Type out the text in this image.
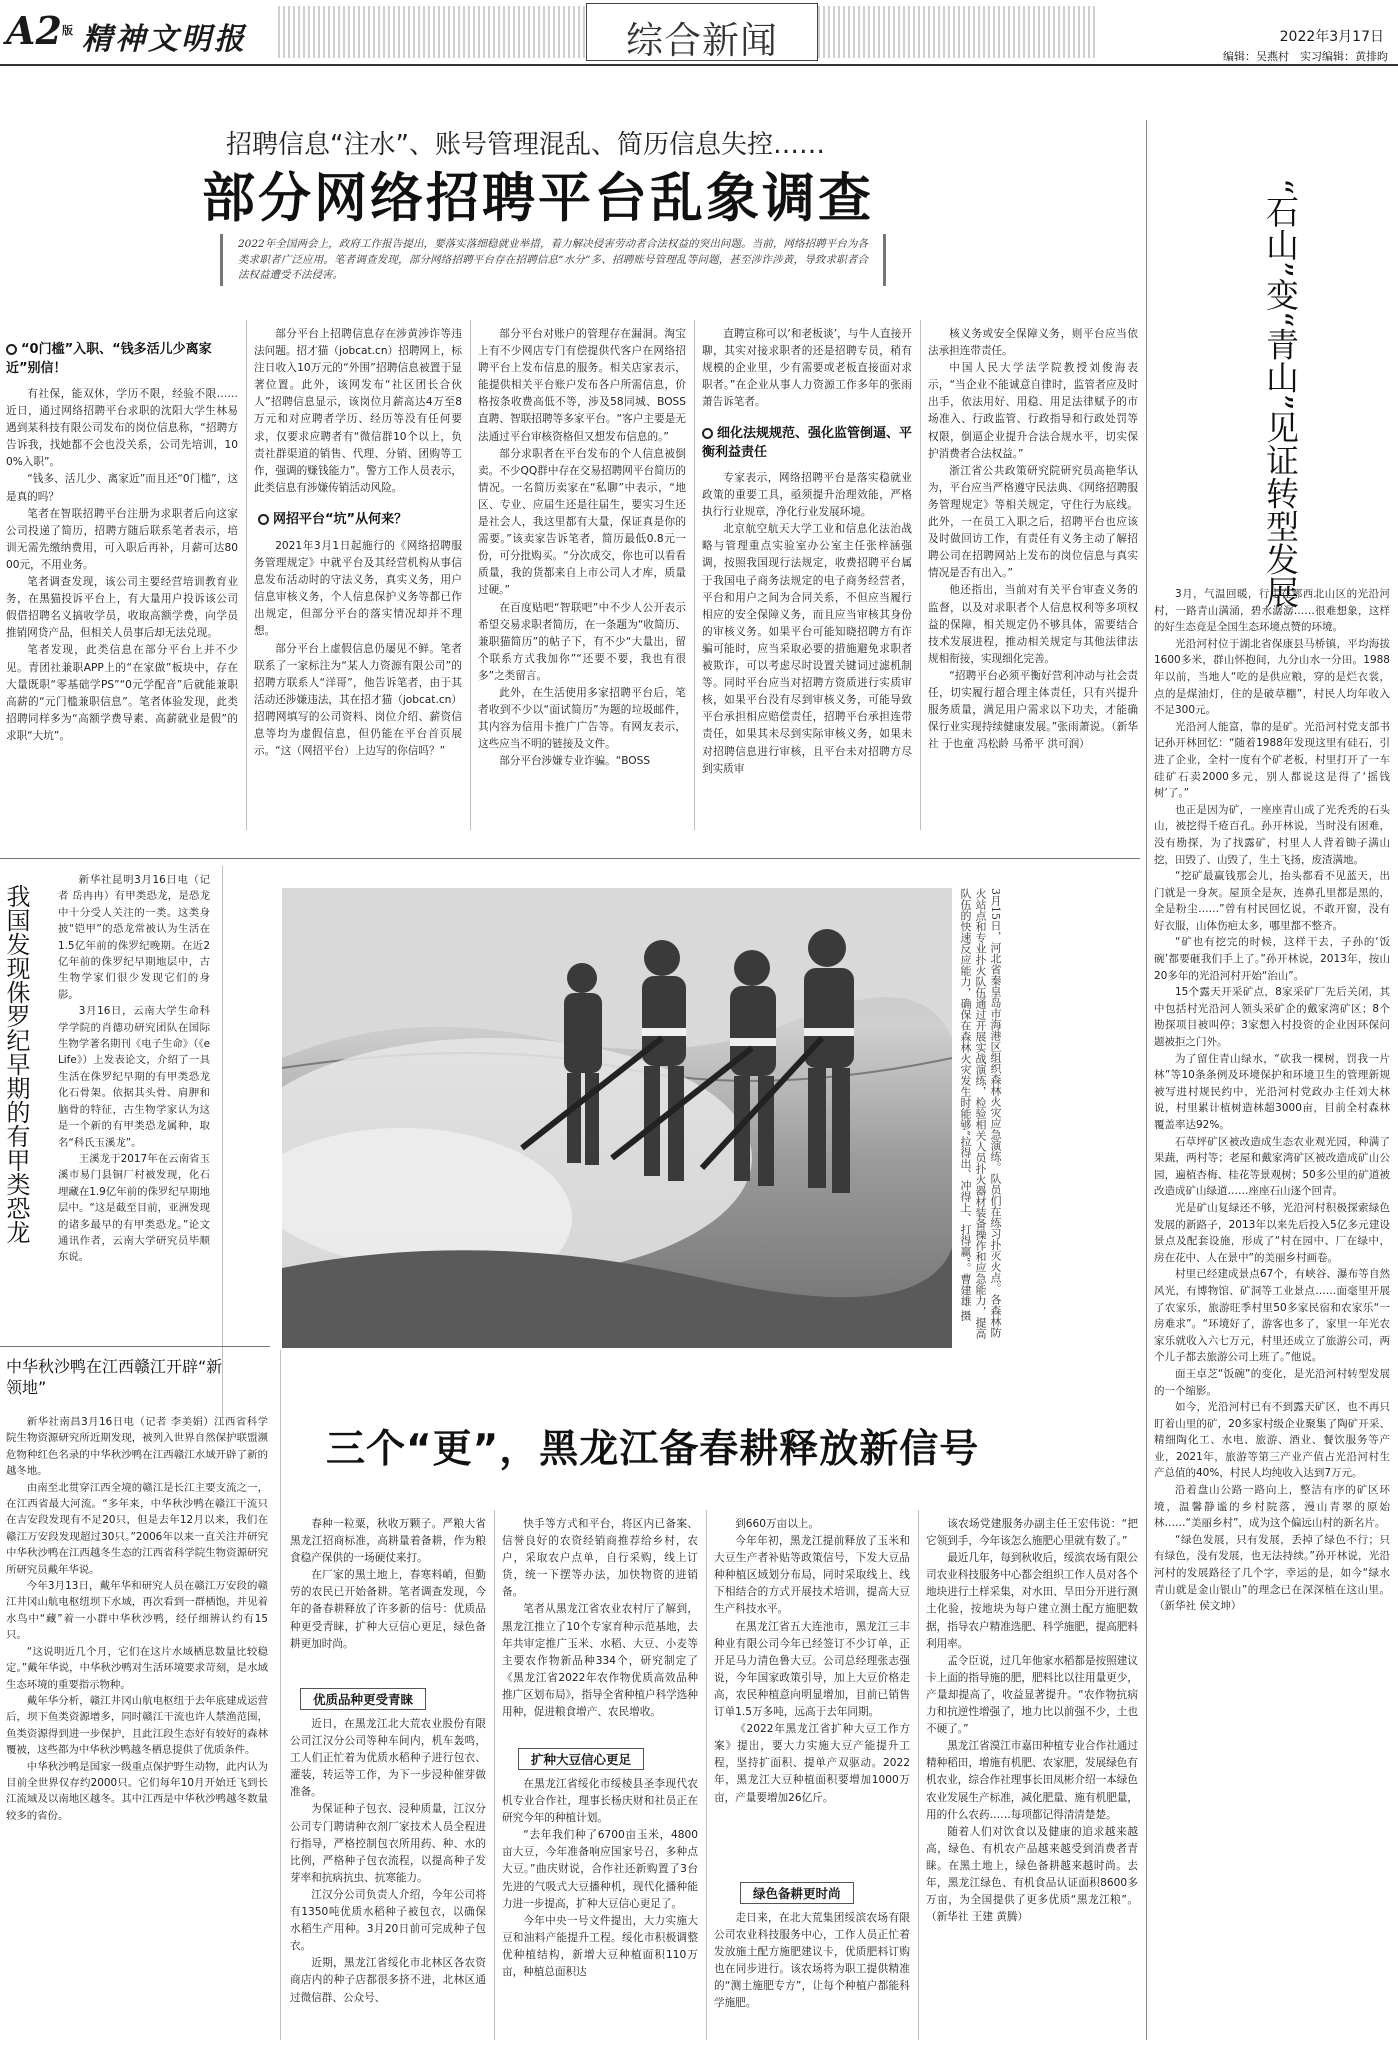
A2版 精神文明报	综合新闻	2022年3月17日
编辑：吴燕村　实习编辑：黄排昀
招聘信息“注水”、账号管理混乱、简历信息失控……
部分网络招聘平台乱象调查
2022年全国两会上，政府工作报告提出，要落实落细稳就业举措，着力解决侵害劳动者合法权益的突出问题。当前，网络招聘平台为各类求职者广泛应用。笔者调查发现，部分网络招聘平台存在招聘信息“水分”多、招聘账号管理乱等问题，甚至涉诈涉黄，导致求职者合法权益遭受不法侵害。
“0门槛”入职、“钱多活儿少离家近”别信！

有社保，能双休，学历不限，经验不限……近日，通过网络招聘平台求职的沈阳大学生林易遇到某科技有限公司发布的岗位信息称，“招聘方告诉我，找她都不会也没关系，公司先培训，100%入职”。

“钱多、活儿少、离家近”而且还“0门槛”，这是真的吗？

笔者在智联招聘平台注册为求职者后向这家公司投递了简历，招聘方随后联系笔者表示，培训无需先缴纳费用，可入职后再补，月薪可达8000元，不用业务。

笔者调查发现，该公司主要经营培训教育业务，在黑猫投诉平台上，有大量用户投诉该公司假借招聘名义搞收学员，收取高额学费，向学员推销网贷产品，但相关人员事后却无法兑现。

笔者发现，此类信息在部分平台上并不少见。青团社兼职APP上的“在家做”板块中，存在大量既职“零基础学PS”“0元学配音”后就能兼职高薪的“元门槛兼职信息”。笔者体验发现，此类招聘同样多为“高额学费导素、高薪就业是假”的求职“大坑”。

部分平台上招聘信息存在涉黄涉诈等违法问题。招才猫（jobcat.cn）招聘网上，标注日收入10万元的“外围”招聘信息被置于显著位置。此外，该网发布“社区团长合伙人”招聘信息显示，该岗位月薪高达4万至8万元和对应聘者学历、经历等没有任何要求，仅要求应聘者有“微信群10个以上，负责社群渠道的销售、代理、分销、团购等工作，强调的赚钱能力”。警方工作人员表示，此类信息有涉嫌传销活动风险。

网招平台“坑”从何来？

2021年3月1日起施行的《网络招聘服务管理规定》中就平台及其经营机构从事信息发布活动时的守法义务，真实义务，用户信息审核义务，个人信息保护义务等都已作出规定，但部分平台的落实情况却并不理想。

部分平台上虚假信息仍屡见不鲜。笔者联系了一家标注为“某人力资源有限公司”的招聘方联系人“洋哥”，他告诉笔者，由于其活动还涉嫌违法，其在招才猫（jobcat.cn）招聘网填写的公司资料、岗位介绍、薪资信息等均为虚假信息，但仍能在平台首页展示。“这（网招平台）上边写的你信吗？”

部分平台对账户的管理存在漏洞。淘宝上有不少网店专门有偿提供代客户在网络招聘平台上发布信息的服务。相关店家表示，能提供相关平台账户发布各户所需信息，价格按条收费高低不等，涉及58同城、BOSS直聘、智联招聘等多家平台。“客户主要是无法通过平台审核资格但又想发布信息的。”

部分求职者在平台发布的个人信息被倒卖。不少QQ群中存在交易招聘网平台简历的情况。一名简历卖家在“私聊”中表示，“地区、专业、应届生还是往届生，要实习生还是社会人，我这里都有大量，保证真是你的需要。”该卖家告诉笔者，简历最低0.8元一份，可分批购买。“分次成交，你也可以看看质量，我的货都来自上市公司人才库，质量过硬。”

在百度贴吧“智联吧”中不少人公开表示希望交易求职者简历，在一条题为“收简历、兼职猫简历”的帖子下，有不少“大量出，留个联系方式我加你”“还要不要，我也有很多”之类留言。

此外，在生活使用多家招聘平台后，笔者收到不少以“面试简历”为题的垃圾邮件，其内容为信用卡推广广告等。有网友表示，这些应当不明的链接及文件。

部分平台涉嫌专业诈骗。“BOSS

直聘宣称可以‘和老板谈’，与牛人直接开聊，其实对接求职者的还是招聘专员，稍有规模的企业里，少有需要或老板直接面对求职者。”在企业从事人力资源工作多年的张雨萧告诉笔者。

细化法规规范、强化监管倒逼、平衡利益责任

专家表示，网络招聘平台是落实稳就业政策的重要工具，亟须提升治理效能，严格执行行业规章，净化行业发展环境。

北京航空航天大学工业和信息化法治战略与管理重点实验室办公室主任张梓涵强调，按照我国现行法规定，收费招聘平台属于我国电子商务法规定的电子商务经营者，平台和用户之间为合同关系，不但应当履行相应的安全保障义务，而且应当审核其身份的审核义务。如果平台可能知晓招聘方有诈骗可能时，应当采取必要的措施避免求职者被欺诈，可以考虑尽时设置关键词过滤机制等。同时平台应当对招聘方资质进行实质审核，如果平台没有尽到审核义务，可能导致平台承担相应赔偿责任，招聘平台承担连带责任，如果其未尽到实际审核义务，如果未对招聘信息进行审核，且平台未对招聘方尽到实质审

核义务或安全保障义务，则平台应当依法承担连带责任。

中国人民大学法学院教授刘俊海表示，“当企业不能诚意自律时，监管者应及时出手，依法用好、用稳、用足法律赋予的市场准入、行政监管、行政指导和行政处罚等权限，倒逼企业提升合法合规水平，切实保护消费者合法权益。”

浙江省公共政策研究院研究员高艳华认为，平台应当严格遵守民法典、《网络招聘服务管理规定》等相关规定，守住行为底线。此外，一在员工入职之后，招聘平台也应该及时做回访工作，有责任有义务主动了解招聘公司在招聘网站上发布的岗位信息与真实情况是否有出入。”

他还指出，当前对有关平台审查义务的监督，以及对求职者个人信息权利等多项权益的保障，相关规定仍不够具体，需要结合技术发展进程，推动相关规定与其他法律法规相衔接，实现细化完善。

“招聘平台必须平衡好营利冲动与社会责任，切实履行超合理主体责任，只有兴提升服务质量，满足用户需求以下功夫，才能确保行业实现持续健康发展。”张雨萧说。（新华社 于也童 冯松龄 马希平 洪可润）

“石山”变“青山”见证转型发展

3月，气温回暖，行走在鄂西北山区的光沿河村，一路青山满涌，碧水潺潺……很难想象，这样的好生态竟是全国生态环境点赞的环境。

光沿河村位于湖北省保康县马桥镇，平均海拔1600多米，群山怀抱间，九分山水一分田。1988年以前，当地人“吃的是供应粮，穿的是烂衣裳，点的是煤油灯，住的是破草棚”，村民人均年收入不足300元。

光沿河人能富，靠的是矿。光沿河村党支部书记孙开林回忆：“随着1988年发现这里有硅石，引进了企业，全村一度有个矿老板，村里打开了一车硅矿石卖2000多元，别人都说这是得了‘摇钱树’了。”

也正是因为矿，一座座青山成了光秃秃的石头山，被挖得千疮百孔。孙开林说，当时没有困难，没有勘探，为了找露矿，村里人人背着锄子满山挖，田毁了、山毁了，生土飞扬，废渣满地。

“挖矿最赢钱那会儿，抬头都看不见蓝天，出门就是一身灰。屋顶全是灰，连鼻孔里都是黑的，全是粉尘……”曾有村民回忆说，不敢开窗，没有好衣服，山体伤疤太多，哪里都不整齐。

“矿也有挖完的时候，这样干去，子孙的‘饭碗’都要砸我们手上了。”孙开林说，2013年，按山20多年的光沿河村开始“治山”。

15个露天开采矿点，8家采矿厂先后关闭，其中包括村光沿河人领头采矿企的戴家湾矿区；8个勘探项目被叫停；3家想入村投资的企业因环保问题被拒之门外。

为了留住青山绿水，“砍我一棵树，罚我一片林”等10条条例及环境保护和环境卫生的管理新规被写进村规民约中，光沿河村党政办主任刘大林说，村里累计植树造林超3000亩，目前全村森林覆盖率达92%。

石草坪矿区被改造成生态农业观光园，种满了果蔬，两村等；老屋和戴家湾矿区被改造成矿山公园，遍植杏梅、桂花等景观树；50多公里的矿道被改造成矿山绿道……座座石山逐个回青。

光是矿山复绿还不够，光沿河村积极探索绿色发展的新路子，2013年以来先后投入5亿多元建设景点及配套设施，形成了“村在园中、厂在绿中，房在花中、人在景中”的美丽乡村画卷。

村里已经建成景点67个，有峡谷、瀑布等自然风光，有博物馆、矿洞等工业景点……面毫里开展了农家乐，旅游旺季村里50多家民宿和农家乐“一房难求”。“环境好了，游客也多了，家里一年光农家乐就收入六七万元，村里还成立了旅游公司，两个儿子都去旅游公司上班了。”他说。

面王卓芝“饭碗”的变化，是光沿河村转型发展的一个缩影。

如今，光沿河村已有不到露天矿区，也不再只盯着山里的矿，20多家村级企业聚集了陶矿开采、精细陶化工、水电、旅游、酒业、餐饮服务等产业，2021年，旅游等第三产业产值占光沿河村生产总值的40%，村民人均纯收入达到7万元。

沿着盘山公路一路向上，整洁有序的矿区环境，温馨静谧的乡村院落，漫山青翠的原始林……“美丽乡村”，成为这个偏远山村的新名片。

“绿色发展，只有发展，丢掉了绿色不行；只有绿色，没有发展，也无法持续。”孙开林说，光沿河村的发展路径了几个字，幸运的是，如今“绿水青山就是金山银山”的理念已在深深植在这山里。（新华社 侯文坤）

我国发现侏罗纪早期的有甲类恐龙

新华社昆明3月16日电（记者 岳冉冉）有甲类恐龙，是恐龙中十分受人关注的一类。这类身披“铠甲”的恐龙常被认为生活在1.5亿年前的侏罗纪晚期。在近2亿年前的侏罗纪早期地层中，古生物学家们很少发现它们的身影。

3月16日，云南大学生命科学学院的肖德功研究团队在国际生物学著名期刊《电子生命》（《eLife》）上发表论文，介绍了一具生活在侏罗纪早期的有甲类恐龙化石骨架。依据其头骨、肩胛和脑骨的特征，古生物学家认为这是一个新的有甲类恐龙属种，取名“科氏玉溪龙”。

王溪龙于2017年在云南省玉溪市易门县铜厂村被发现，化石埋藏在1.9亿年前的侏罗纪早期地层中。“这是截至目前，亚洲发现的诸多最早的有甲类恐龙。”论文通讯作者，云南大学研究员毕顺东说。	3月15日，河北省秦皇岛市海港区组织森林火灾应急演练。队员们在练习扑灭火点。各森林防火站点和专业扑火队伍通过开展实战演练，检验相关人员扑火器材装备操作和应急能力，提高队伍的快速反应能力，确保在森林火灾发生时能够“拉得出、冲得上、打得赢”。曹建雄 摄
中华秋沙鸭在江西赣江开辟“新领地”

新华社南昌3月16日电（记者 李美娟）江西省科学院生物资源研究所近期发现，被列入世界自然保护联盟濒危物种红色名录的中华秋沙鸭在江西赣江水域开辟了新的越冬地。

由南至北贯穿江西全境的赣江是长江主要支流之一，在江西省最大河流。“多年来，中华秋沙鸭在赣江干流只在吉安段发现有不足20只，但是去年12月以来，我们在赣江万安段发现超过30只。”2006年以来一直关注并研究中华秋沙鸭在江西越冬生态的江西省科学院生物资源研究所研究员戴年华说。

今年3月13日，戴年华和研究人员在赣江万安段的赣江井冈山航电枢纽坝下水域，再次看到一群栖饱，并见着水鸟中“藏”着一小群中华秋沙鸭，经仔细辨认约有15只。

“这说明近几个月，它们在这片水域栖息数量比较稳定。”戴年华说，中华秋沙鸭对生活环境要求苛刻，是水域生态环境的重要指示物种。

戴年华分析，赣江井冈山航电枢纽于去年底建成运营后，坝下鱼类资源增多，同时赣江干流也许人禁渔范围，鱼类资源得到进一步保护，且此江段生态好有较好的森林覆被，这些都为中华秋沙鸭越冬栖息提供了优质条件。

中华秋沙鸭是国家一级重点保护野生动物，此内认为目前全世界仅存约2000只。它们每年10月开始迁飞到长江流域及以南地区越冬。其中江西是中华秋沙鸭越冬数量较多的省份。

三个“更”，黑龙江备春耕释放新信号

春种一粒粟，秋收万颗子。严粮大省黑龙江招商标准，高耕量着备耕，作为粮食稳产保供的一场硬仗来打。

在厂家的黑土地上，春寒料峭，但勤劳的农民已开始备耕。笔者调查发现，今年的备春耕释放了许多新的信号：优质品种更受青睐，扩种大豆信心更足，绿色备耕更加时尚。

优质品种更受青睐

近日，在黑龙江北大荒农业股份有限公司江汉分公司等种车间内，机车轰鸣，工人们正忙着为优质水稻种子进行包衣、灌装，转运等工作，为下一步浸种催芽做准备。

为保证种子包衣、浸种质量，江汉分公司专门聘请种衣剂厂家技术人员全程进行指导，严格控制包衣所用药、种、水的比例，严格种子包衣流程，以提高种子发芽率和抗病抗虫、抗寒能力。

江汉分公司负责人介绍，今年公司将有1350吨优质水稻种子被包衣，以确保水稻生产用种。3月20日前可完成种子包衣。

近期，黑龙江省绥化市北林区各农资商店内的种子店都很多挤不进，北林区通过微信群、公众号、

快手等方式和平台，将区内已备案、信誉良好的农资经销商推荐给乡村，农户，采取农户点单，自行采购，线上订货，统一下摆等办法，加快物资的进销备。

笔者从黑龙江省农业农村厅了解到，黑龙江推立了10个专家育种示范基地，去年共审定推广玉米、水稻、大豆、小麦等主要农作物新品种334个，研究制定了《黑龙江省2022年农作物优质高效品种推广区划布局》，指导全省种植户科学选种用种，促进粮食增产、农民增收。

扩种大豆信心更足

在黑龙江省绥化市绥棱县圣李现代农机专业合作社，理事长杨庆财和社员正在研究今年的种植计划。

“去年我们种了6700亩玉米，4800亩大豆，今年准备响应国家号召，多种点大豆。”曲庆财说，合作社还新购置了3台先进的气吸式大豆播种机，现代化播种能力进一步提高，扩种大豆信心更足了。

今年中央一号文件提出，大力实施大豆和油料产能提升工程。绥化市积极调整优种植结构，新增大豆种植面积110万亩，种植总面积达

到660万亩以上。

今年年初，黑龙江提前释放了玉米和大豆生产者补贴等政策信号，下发大豆品种种植区域划分布局，同时采取线上、线下相结合的方式开展技术培训，提高大豆生产科技水平。

在黑龙江省五大连池市，黑龙江三丰种业有限公司今年已经签订不少订单，正开足马力清色鲁大豆。公司总经理张志强说，今年国家政策引导，加上大豆价格走高，农民种植意向明显增加，目前已销售订单1.5万多吨，远高于去年同期。

《2022年黑龙江省扩种大豆工作方案》提出，要大力实施大豆产能提升工程，坚持扩面积、提单产双驱动。2022年，黑龙江大豆种植面积要增加1000万亩，产量要增加26亿斤。

绿色备耕更时尚

走日来，在北大荒集团绥滨农场有限公司农业科技服务中心，工作人员正忙着发放施土配方施肥建议卡，优质肥料订购也在同步进行。该农场将为职工提供精准的“测土施肥专方”，让每个种植户都能科学施肥。

该农场党建服务办副主任王宏伟说：“把它领到手，今年该怎么施肥心里就有数了。”

最近几年，每到秋收后，绥滨农场有限公司农业科技服务中心都会组织工作人员对各个地块进行土样采集，对水田、旱田分开进行测土化验，按地块为每户建立测土配方施肥数据，指导农户精准选肥、科学施肥，提高肥料利用率。

孟令臣说，过几年他家水稻都是按照建议卡上面的指导施的肥，肥料比以往用量更少，产量却提高了，收益显著提升。“农作物抗病力和抗逆性增强了，地力比以前强不少，土也不硬了。”

黑龙江省漠江市嘉田种植专业合作社通过精种稻田，增施有机肥、农家肥，发展绿色有机农业，综合作社理事长田凤彬介绍一本绿色农业发展生产标准，减化肥量、施有机肥量，用的什么农药……每项都记得清清楚楚。

随着人们对饮食以及健康的追求越来越高，绿色、有机农产品越来越受到消费者青睐。在黑土地上，绿色备耕越来越时尚。去年，黑龙江绿色、有机食品认证面积8600多万亩，为全国提供了更多优质“黑龙江粮”。（新华社 王建 黄腾）
